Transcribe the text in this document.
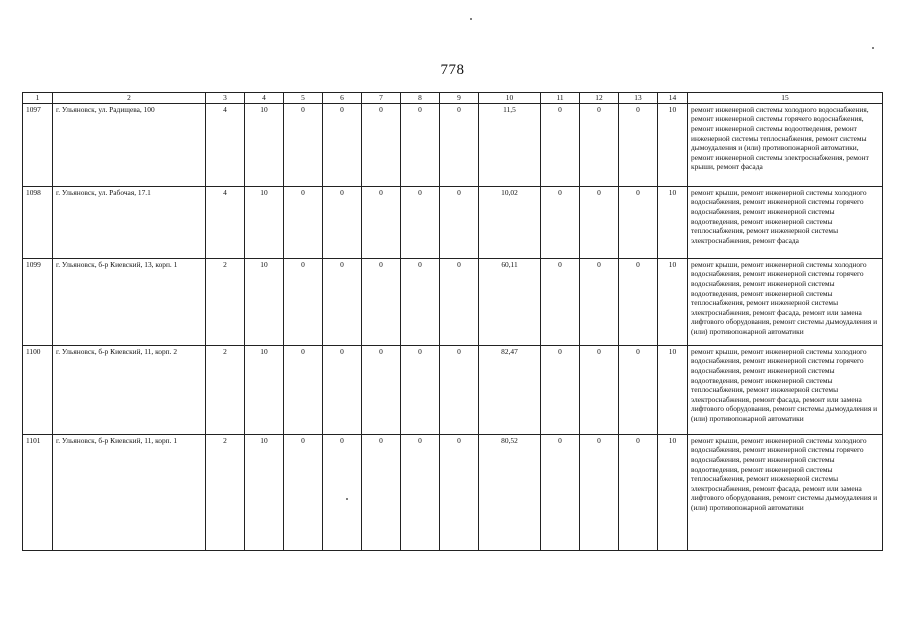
778
1	2	3	4	5	6	7	8	9	10	11	12	13	14	15
1097	г. Ульяновск, ул. Радищева, 100	4	10	0	0	0	0	0	11,5	0	0	0	10	ремонт инженерной системы холодного водоснабжения, ремонт инженерной системы горячего водоснабжения, ремонт инженерной системы водоотведения, ремонт инженерной системы теплоснабжения, ремонт системы дымоудаления и (или) противопожарной автоматики, ремонт инженерной системы электроснабжения, ремонт крыши, ремонт фасада
1098	г. Ульяновск, ул. Рабочая, 17.1	4	10	0	0	0	0	0	10,02	0	0	0	10	ремонт крыши, ремонт инженерной системы холодного водоснабжения, ремонт инженерной системы горячего водоснабжения, ремонт инженерной системы водоотведения, ремонт инженерной системы теплоснабжения, ремонт инженерной системы электроснабжения, ремонт фасада
1099	г. Ульяновск, б-р Киевский, 13, корп. 1	2	10	0	0	0	0	0	60,11	0	0	0	10	ремонт крыши, ремонт инженерной системы холодного водоснабжения, ремонт инженерной системы горячего водоснабжения, ремонт инженерной системы водоотведения, ремонт инженерной системы теплоснабжения, ремонт инженерной системы электроснабжения, ремонт фасада, ремонт или замена лифтового оборудования, ремонт системы дымоудаления и (или) противопожарной автоматики
1100	г. Ульяновск, б-р Киевский, 11, корп. 2	2	10	0	0	0	0	0	82,47	0	0	0	10	ремонт крыши, ремонт инженерной системы холодного водоснабжения, ремонт инженерной системы горячего водоснабжения, ремонт инженерной системы водоотведения, ремонт инженерной системы теплоснабжения, ремонт инженерной системы электроснабжения, ремонт фасада, ремонт или замена лифтового оборудования, ремонт системы дымоудаления и (или) противопожарной автоматики
1101	г. Ульяновск, б-р Киевский, 11, корп. 1	2	10	0	0	0	0	0	80,52	0	0	0	10	ремонт крыши, ремонт инженерной системы холодного водоснабжения, ремонт инженерной системы горячего водоснабжения, ремонт инженерной системы водоотведения, ремонт инженерной системы теплоснабжения, ремонт инженерной системы электроснабжения, ремонт фасада, ремонт или замена лифтового оборудования, ремонт системы дымоудаления и (или) противопожарной автоматики
